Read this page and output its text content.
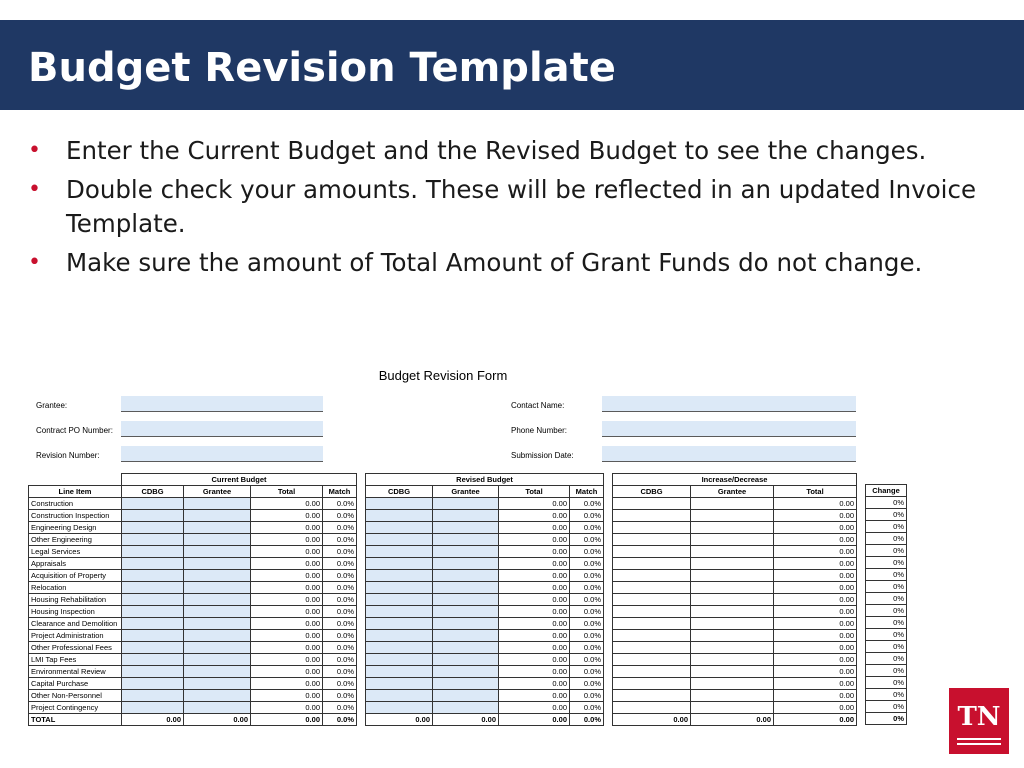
Budget Revision Template
• Enter the Current Budget and the Revised Budget to see the changes.
• Double check your amounts. These will be reflected in an updated Invoice Template.
• Make sure the amount of Total Amount of Grant Funds do not change.
Budget Revision Form
Grantee:
Contract PO Number:
Revision Number:
Contact Name:
Phone Number:
Submission Date:
	Current Budget			
Line Item	CDBG	Grantee	Total	Match
Construction			0.00	0.0%
Construction Inspection			0.00	0.0%
Engineering Design			0.00	0.0%
Other Engineering			0.00	0.0%
Legal Services			0.00	0.0%
Appraisals			0.00	0.0%
Acquisition of Property			0.00	0.0%
Relocation			0.00	0.0%
Housing Rehabilitation			0.00	0.0%
Housing Inspection			0.00	0.0%
Clearance and Demolition			0.00	0.0%
Project Administration			0.00	0.0%
Other Professional Fees			0.00	0.0%
LMI Tap Fees			0.00	0.0%
Environmental Review			0.00	0.0%
Capital Purchase			0.00	0.0%
Other Non-Personnel			0.00	0.0%
Project Contingency			0.00	0.0%
TOTAL	0.00	0.00	0.00	0.0%
Revised Budget			
CDBG	Grantee	Total	Match
		0.00	0.0%
		0.00	0.0%
		0.00	0.0%
		0.00	0.0%
		0.00	0.0%
		0.00	0.0%
		0.00	0.0%
		0.00	0.0%
		0.00	0.0%
		0.00	0.0%
		0.00	0.0%
		0.00	0.0%
		0.00	0.0%
		0.00	0.0%
		0.00	0.0%
		0.00	0.0%
		0.00	0.0%
		0.00	0.0%
0.00	0.00	0.00	0.0%
Increase/Decrease		
CDBG	Grantee	Total
		0.00
		0.00
		0.00
		0.00
		0.00
		0.00
		0.00
		0.00
		0.00
		0.00
		0.00
		0.00
		0.00
		0.00
		0.00
		0.00
		0.00
		0.00
0.00	0.00	0.00

Change
0%
0%
0%
0%
0%
0%
0%
0%
0%
0%
0%
0%
0%
0%
0%
0%
0%
0%
0%	TN
